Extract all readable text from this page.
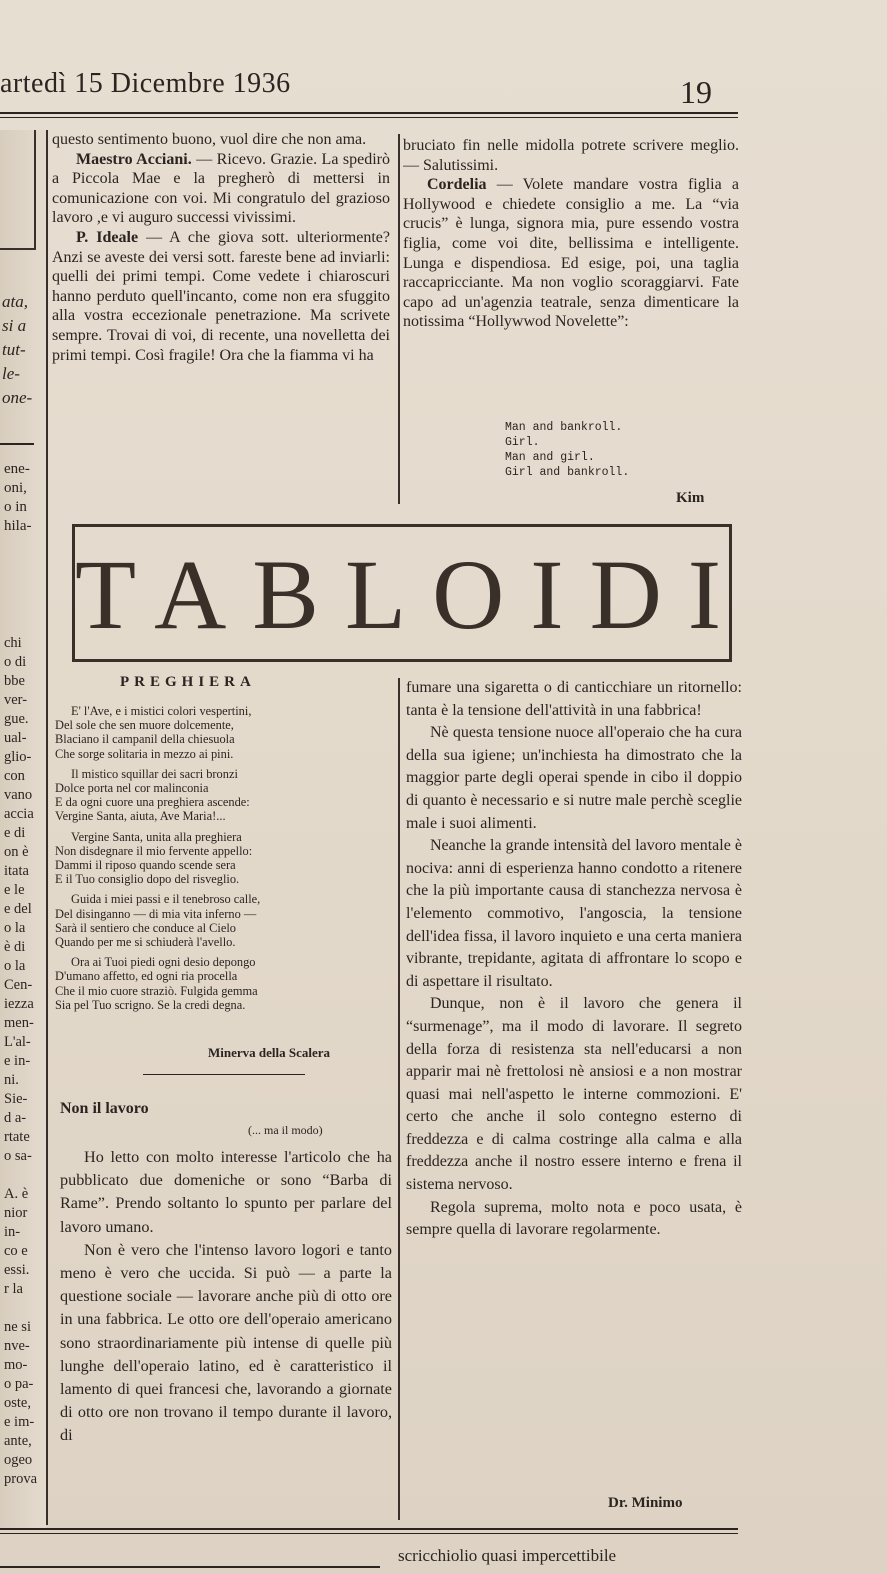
artedì 15 Dicembre 1936	19
ata,
si a
tut-
le-
one-
ene-
oni,
o in
hila-
chi
o di
bbe
ver-
gue.
ual-
glio-
con
vano
accia
e di
on è
itata
e le
e del
o la
è di
o la
Cen-
iezza
men-
L'al-
e in-
ni.
Sie-
d a-
rtate
o sa-
A. è
nior
in-
co e
essi.
r la
ne si
nve-
mo-
o pa-
oste,
e im-
ante,
ogeo
prova

questo sentimento buono, vuol dire che non ama.

Maestro Acciani. — Ricevo. Grazie. La spedirò a Piccola Mae e la pregherò di mettersi in comunicazione con voi. Mi congratulo del grazioso lavoro ,e vi auguro successi vivissimi.

P. Ideale — A che giova sott. ulteriormente? Anzi se aveste dei versi sott. fareste bene ad inviarli: quelli dei primi tempi. Come vedete i chiaroscuri hanno perduto quell'incanto, come non era sfuggito alla vostra eccezionale penetrazione. Ma scrivete sempre. Trovai di voi, di recente, una novelletta dei primi tempi. Così fragile! Ora che la fiamma vi ha

bruciato fin nelle midolla potrete scrivere meglio. — Salutissimi.

Cordelia — Volete mandare vostra figlia a Hollywood e chiedete consiglio a me. La “via crucis” è lunga, signora mia, pure essendo vostra figlia, come voi dite, bellissima e intelligente. Lunga e dispendiosa. Ed esige, poi, una taglia raccapricciante. Ma non voglio scoraggiarvi. Fate capo ad un'agenzia teatrale, senza dimenticare la notissima “Hollywwod Novelette”:

Man and bankroll.
Girl.
Man and girl.
Girl and bankroll.
Kim
TABLOIDI
PREGHIERA
E' l'Ave, e i mistici colori vespertini,
Del sole che sen muore dolcemente,
Blaciano il campanil della chiesuola
Che sorge solitaria in mezzo ai pini.
Il mistico squillar dei sacri bronzi
Dolce porta nel cor malinconia
E da ogni cuore una preghiera ascende:
Vergine Santa, aiuta, Ave Maria!...
Vergine Santa, unita alla preghiera
Non disdegnare il mio fervente appello:
Dammi il riposo quando scende sera
E il Tuo consiglio dopo del risveglio.
Guida i miei passi e il tenebroso calle,
Del disinganno — di mia vita inferno —
Sarà il sentiero che conduce al Cielo
Quando per me si schiuderà l'avello.
Ora ai Tuoi piedi ogni desio depongo
D'umano affetto, ed ogni ria procella
Che il mio cuore straziò. Fulgida gemma
Sia pel Tuo scrigno. Se la credi degna.
Minerva della Scalera
Non il lavoro
(... ma il modo)

Ho letto con molto interesse l'articolo che ha pubblicato due domeniche or sono “Barba di Rame”. Prendo soltanto lo spunto per parlare del lavoro umano.

Non è vero che l'intenso lavoro logori e tanto meno è vero che uccida. Si può — a parte la questione sociale — lavorare anche più di otto ore in una fabbrica. Le otto ore dell'operaio americano sono straordinariamente più intense di quelle più lunghe dell'operaio latino, ed è caratteristico il lamento di quei francesi che, lavorando a giornate di otto ore non trovano il tempo durante il lavoro, di

fumare una sigaretta o di canticchiare un ritornello: tanta è la tensione dell'attività in una fabbrica!

Nè questa tensione nuoce all'operaio che ha cura della sua igiene; un'inchiesta ha dimostrato che la maggior parte degli operai spende in cibo il doppio di quanto è necessario e si nutre male perchè sceglie male i suoi alimenti.

Neanche la grande intensità del lavoro mentale è nociva: anni di esperienza hanno condotto a ritenere che la più importante causa di stanchezza nervosa è l'elemento commotivo, l'angoscia, la tensione dell'idea fissa, il lavoro inquieto e una certa maniera vibrante, trepidante, agitata di affrontare lo scopo e di aspettare il risultato.

Dunque, non è il lavoro che genera il “surmenage”, ma il modo di lavorare. Il segreto della forza di resistenza sta nell'educarsi a non apparir mai nè frettolosi nè ansiosi e a non mostrar quasi mai nell'aspetto le interne commozioni. E' certo che anche il solo contegno esterno di freddezza e di calma costringe alla calma e alla freddezza anche il nostro essere interno e frena il sistema nervoso.

Regola suprema, molto nota e poco usata, è sempre quella di lavorare regolarmente.

Dr. Minimo
scricchiolio quasi impercettibile
